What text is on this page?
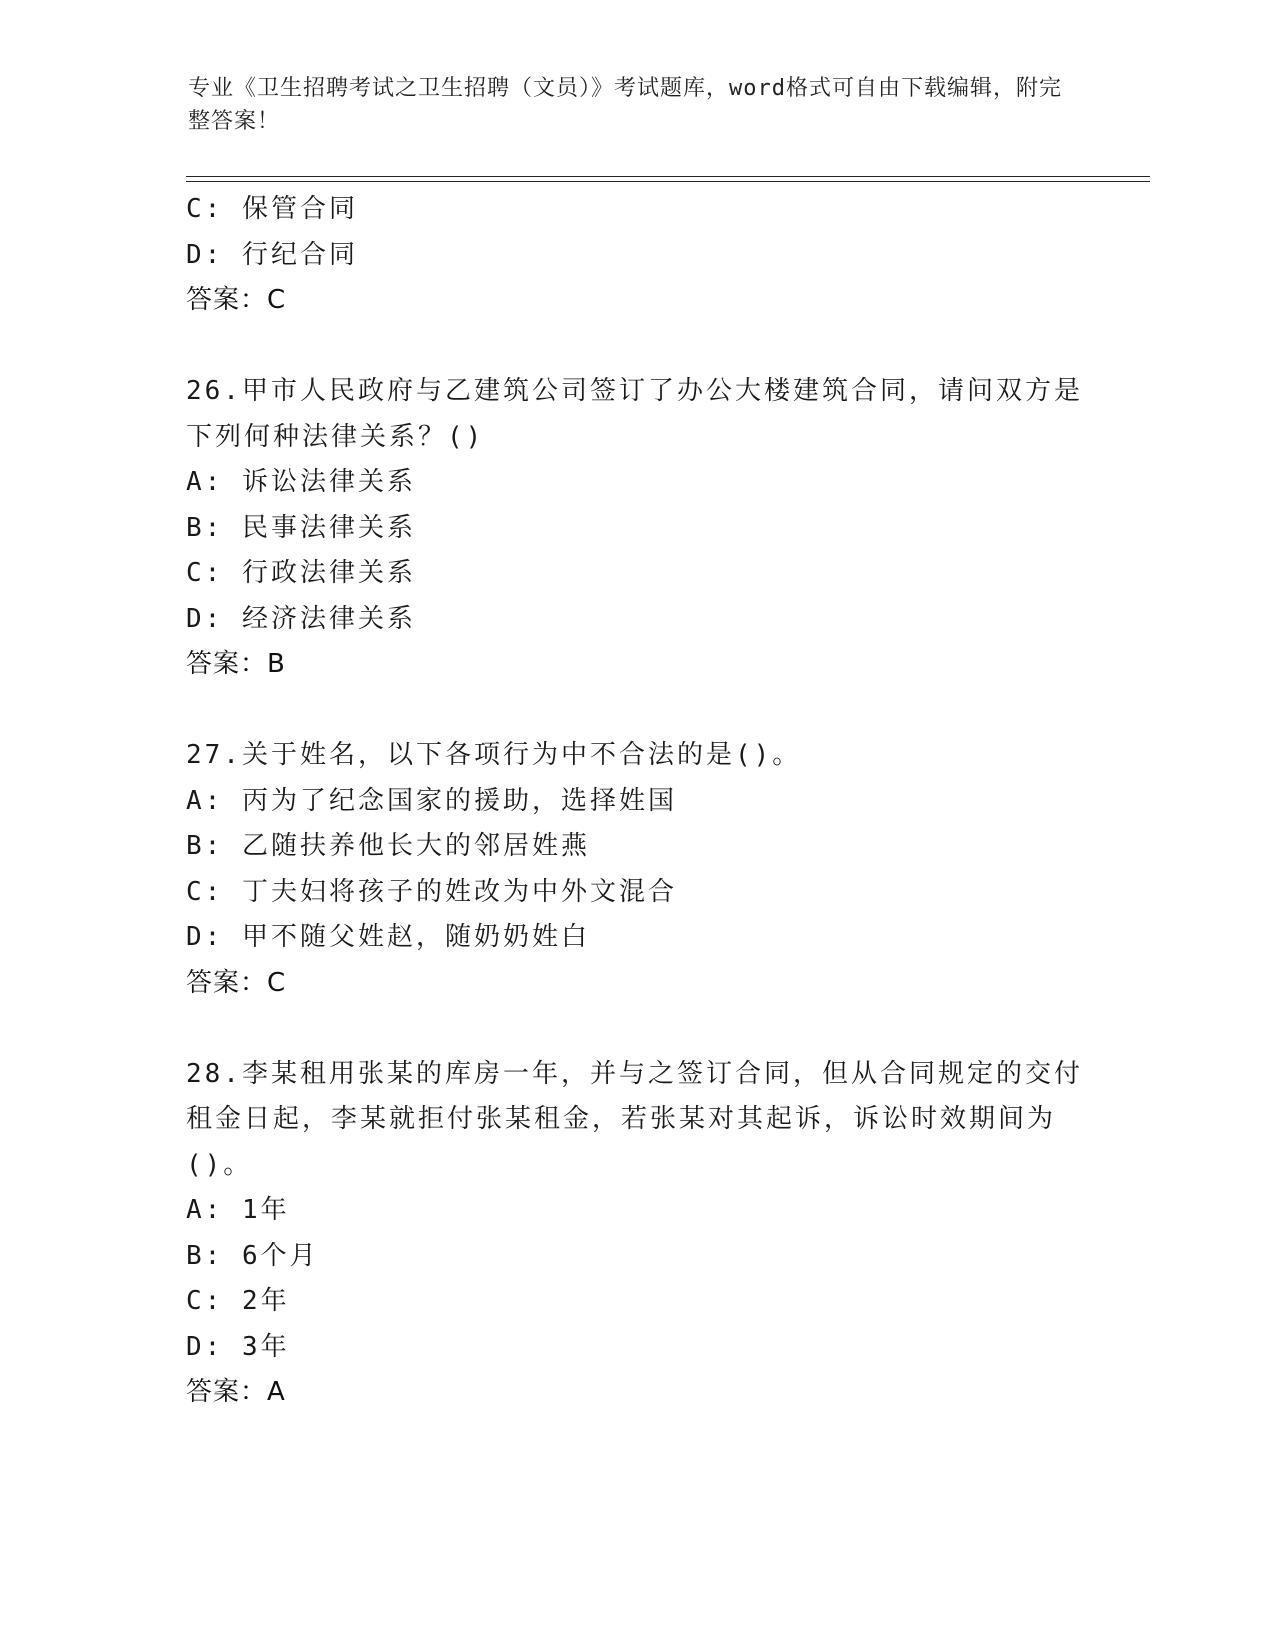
专业《卫生招聘考试之卫生招聘（文员）》考试题库，word格式可自由下载编辑，附完整答案！
C: 保管合同
D: 行纪合同
答案：C
26.甲市人民政府与乙建筑公司签订了办公大楼建筑合同，请问双方是
下列何种法律关系？()
A: 诉讼法律关系
B: 民事法律关系
C: 行政法律关系
D: 经济法律关系
答案：B
27.关于姓名，以下各项行为中不合法的是()。
A: 丙为了纪念国家的援助，选择姓国
B: 乙随扶养他长大的邻居姓燕
C: 丁夫妇将孩子的姓改为中外文混合
D: 甲不随父姓赵，随奶奶姓白
答案：C
28.李某租用张某的库房一年，并与之签订合同，但从合同规定的交付
租金日起，李某就拒付张某租金，若张某对其起诉，诉讼时效期间为
()。
A: 1年
B: 6个月
C: 2年
D: 3年
答案：A
